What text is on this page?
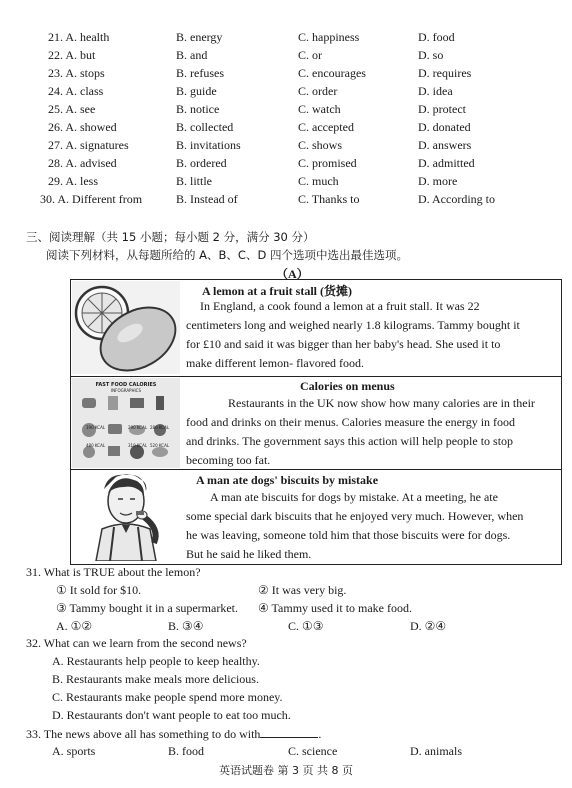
21. A. health	B. energy	C. happiness	D. food
22. A. but	B. and	C. or	D. so
23. A. stops	B. refuses	C. encourages	D. requires
24. A. class	B. guide	C. order	D. idea
25. A. see	B. notice	C. watch	D. protect
26. A. showed	B. collected	C. accepted	D. donated
27. A. signatures	B. invitations	C. shows	D. answers
28. A. advised	B. ordered	C. promised	D. admitted
29. A. less	B. little	C. much	D. more
30. A. Different from	B. Instead of	C. Thanks to	D. According to
三、阅读理解（共 15 小题；每小题 2 分，满分 30 分）
阅读下列材料，从每题所给的 A、B、C、D 四个选项中选出最佳选项。
（A）
A lemon at a fruit stall (货摊)
In England, a cook found a lemon at a fruit stall. It was 22
centimeters long and weighed nearly 1.8 kilograms. Tammy bought it
for £10 and said it was bigger than her baby's head. She used it to
make different lemon- flavored food.
FAST FOOD CALORIES
INFOGRAPHICS
190 KCAL	290 KCAL 280 KCAL
480 KCAL	310 KCAL 520 KCAL
Calories on menus
Restaurants in the UK now show how many calories are in their
food and drinks on their menus. Calories measure the energy in food
and drinks. The government says this action will help people to stop
becoming too fat.
A man ate dogs' biscuits by mistake
A man ate biscuits for dogs by mistake. At a meeting, he ate
some special dark biscuits that he enjoyed very much. However, when
he was leaving, someone told him that those biscuits were for dogs.
But he said he liked them.
31. What is TRUE about the lemon?
① It sold for $10.	② It was very big.
③ Tammy bought it in a supermarket. ④ Tammy used it to make food.
A. ①②	B. ③④	C. ①③	D. ②④
32. What can we learn from the second news?
A. Restaurants help people to keep healthy.
B. Restaurants make meals more delicious.
C. Restaurants make people spend more money.
D. Restaurants don't want people to eat too much.
33. The news above all has something to do with	.
A. sports	B. food	C. science	D. animals
英语试题卷 第 3 页 共 8 页
